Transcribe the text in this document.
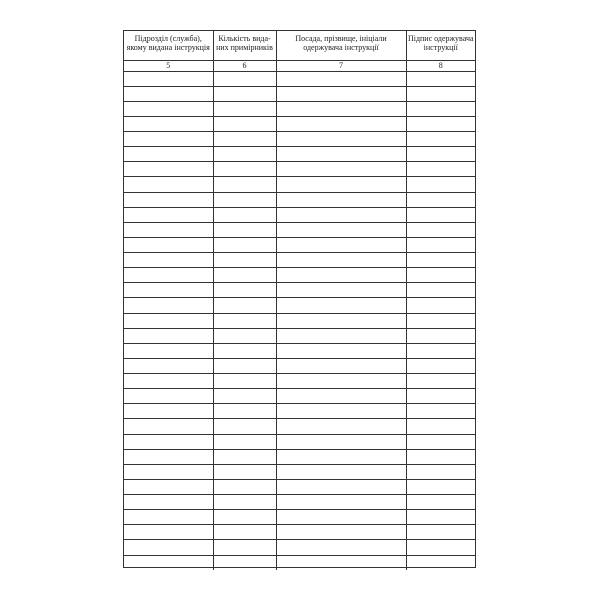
Підрозділ (служба), якому видана інструкція	Кількість вида-них примірників	Посада, прізвище, ініціали одержувача інструкції	Підпис одержувача інструкції
5	6	7	8
